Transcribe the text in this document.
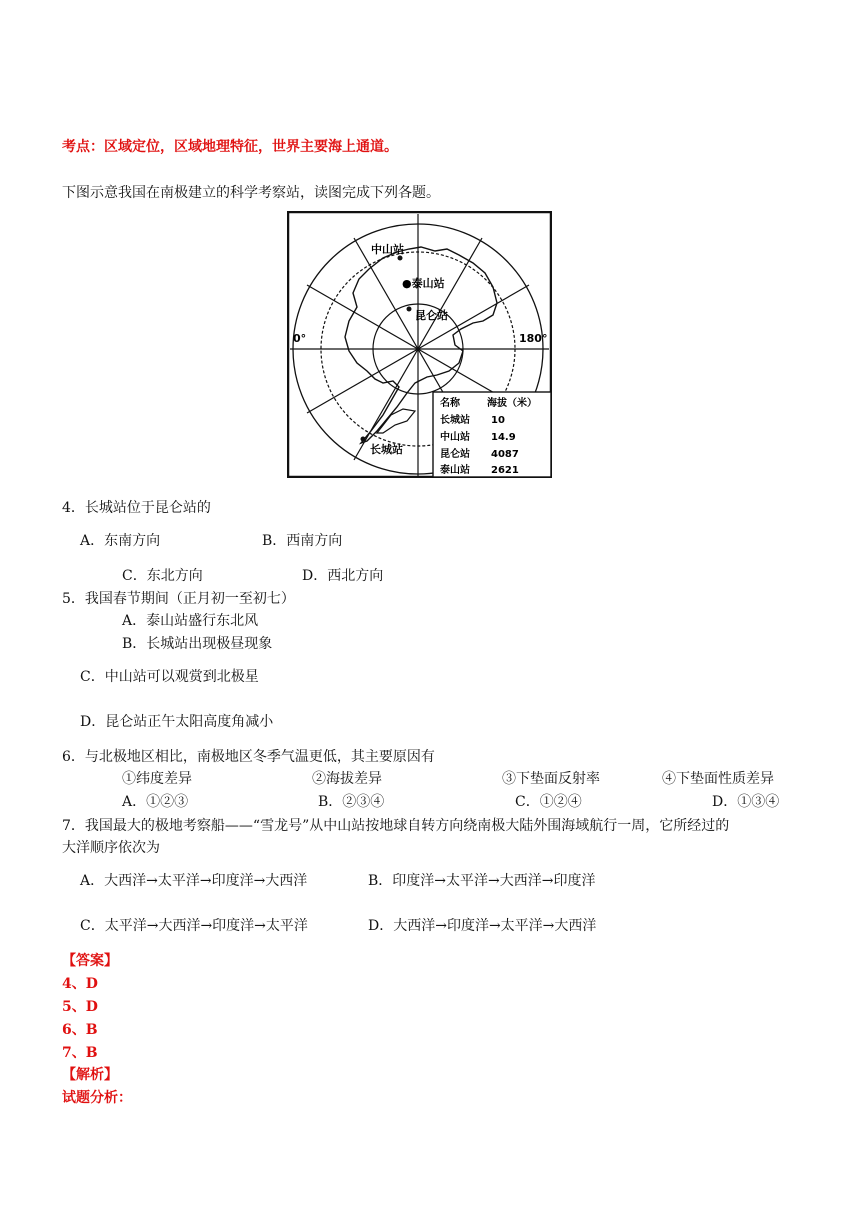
考点：区域定位，区域地理特征，世界主要海上通道。
下图示意我国在南极建立的科学考察站，读图完成下列各题。
中山站
●泰山站
昆仑站
0°	180°
长城站
名称	海拔（米）
长城站 10
中山站 14.9
昆仑站 4087
泰山站 2621
4．长城站位于昆仑站的
A．东南方向	B．西南方向
C．东北方向	D．西北方向
5．我国春节期间（正月初一至初七）
A．泰山站盛行东北风
B．长城站出现极昼现象
C．中山站可以观赏到北极星
D．昆仑站正午太阳高度角减小
6．与北极地区相比，南极地区冬季气温更低，其主要原因有
①纬度差异	②海拔差异	③下垫面反射率	④下垫面性质差异
A．①②③	B．②③④	C．①②④	D．①③④
7．我国最大的极地考察船——“雪龙号”从中山站按地球自转方向绕南极大陆外围海域航行一周，它所经过的
大洋顺序依次为
A．大西洋→太平洋→印度洋→大西洋	B．印度洋→太平洋→大西洋→印度洋
C．太平洋→大西洋→印度洋→太平洋	D．大西洋→印度洋→太平洋→大西洋
【答案】
4、D
5、D
6、B
7、B
【解析】
试题分析：
